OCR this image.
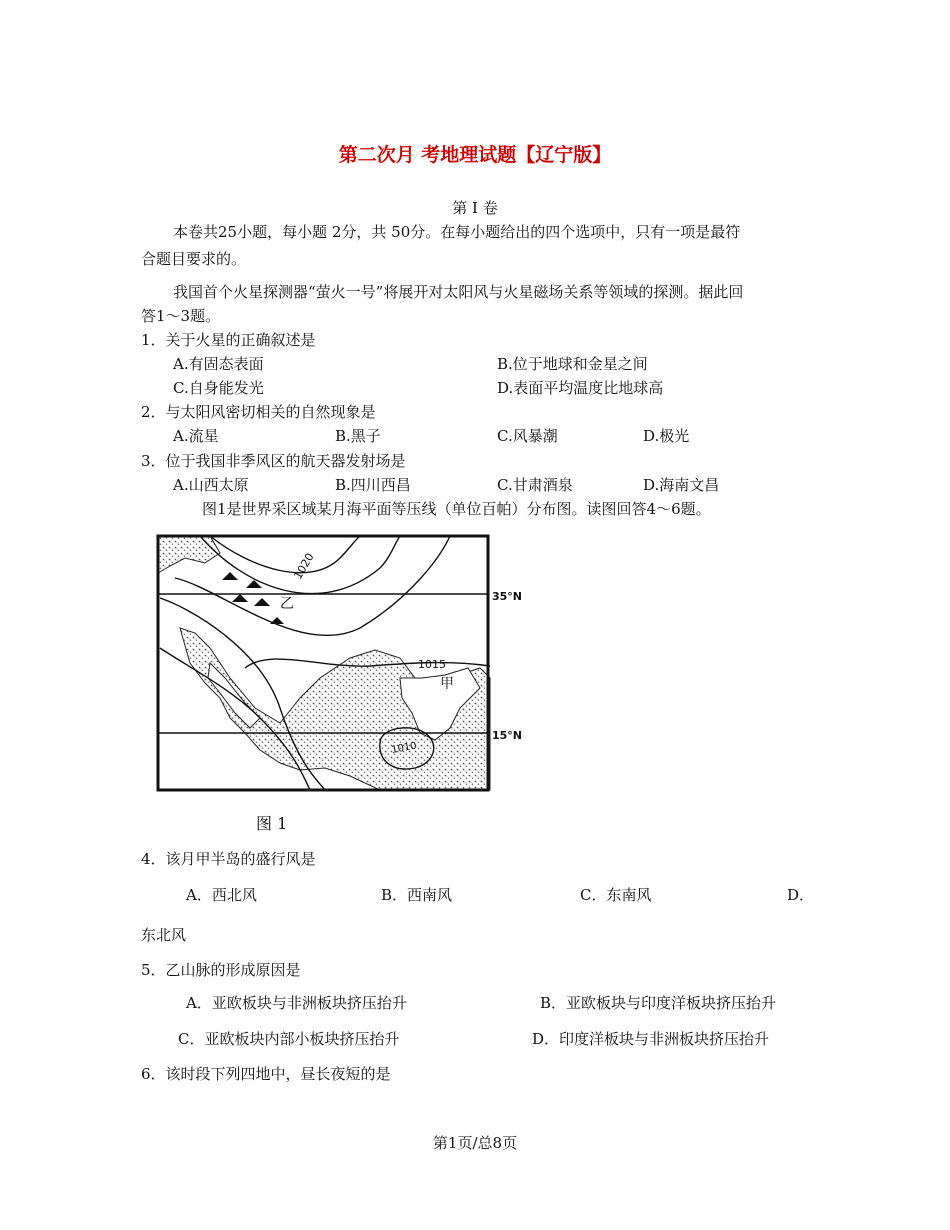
第二次月 考地理试题【辽宁版】
第 I 卷
本卷共25小题，每小题 2分，共 50分。在每小题给出的四个选项中，只有一项是最符
合题目要求的。
我国首个火星探测器“萤火一号”将展开对太阳风与火星磁场关系等领域的探测。据此回
答1～3题。
1．关于火星的正确叙述是
A.有固态表面	B.位于地球和金星之间
C.自身能发光	D.表面平均温度比地球高
2．与太阳风密切相关的自然现象是
A.流星	B.黑子	C.风暴潮	D.极光
3．位于我国非季风区的航天器发射场是
A.山西太原	B.四川西昌	C.甘肃酒泉	D.海南文昌
图1是世界采区域某月海平面等压线（单位百帕）分布图。读图回答4～6题。
1020
1015
1010
35°N
15°N
乙
甲
图 1
4．该月甲半岛的盛行风是
A．西北风	B．西南风	C．东南风	D．
东北风
5．乙山脉的形成原因是
A．亚欧板块与非洲板块挤压抬升	B．亚欧板块与印度洋板块挤压抬升
C．亚欧板块内部小板块挤压抬升	D．印度洋板块与非洲板块挤压抬升
6．该时段下列四地中，昼长夜短的是
第1页/总8页
